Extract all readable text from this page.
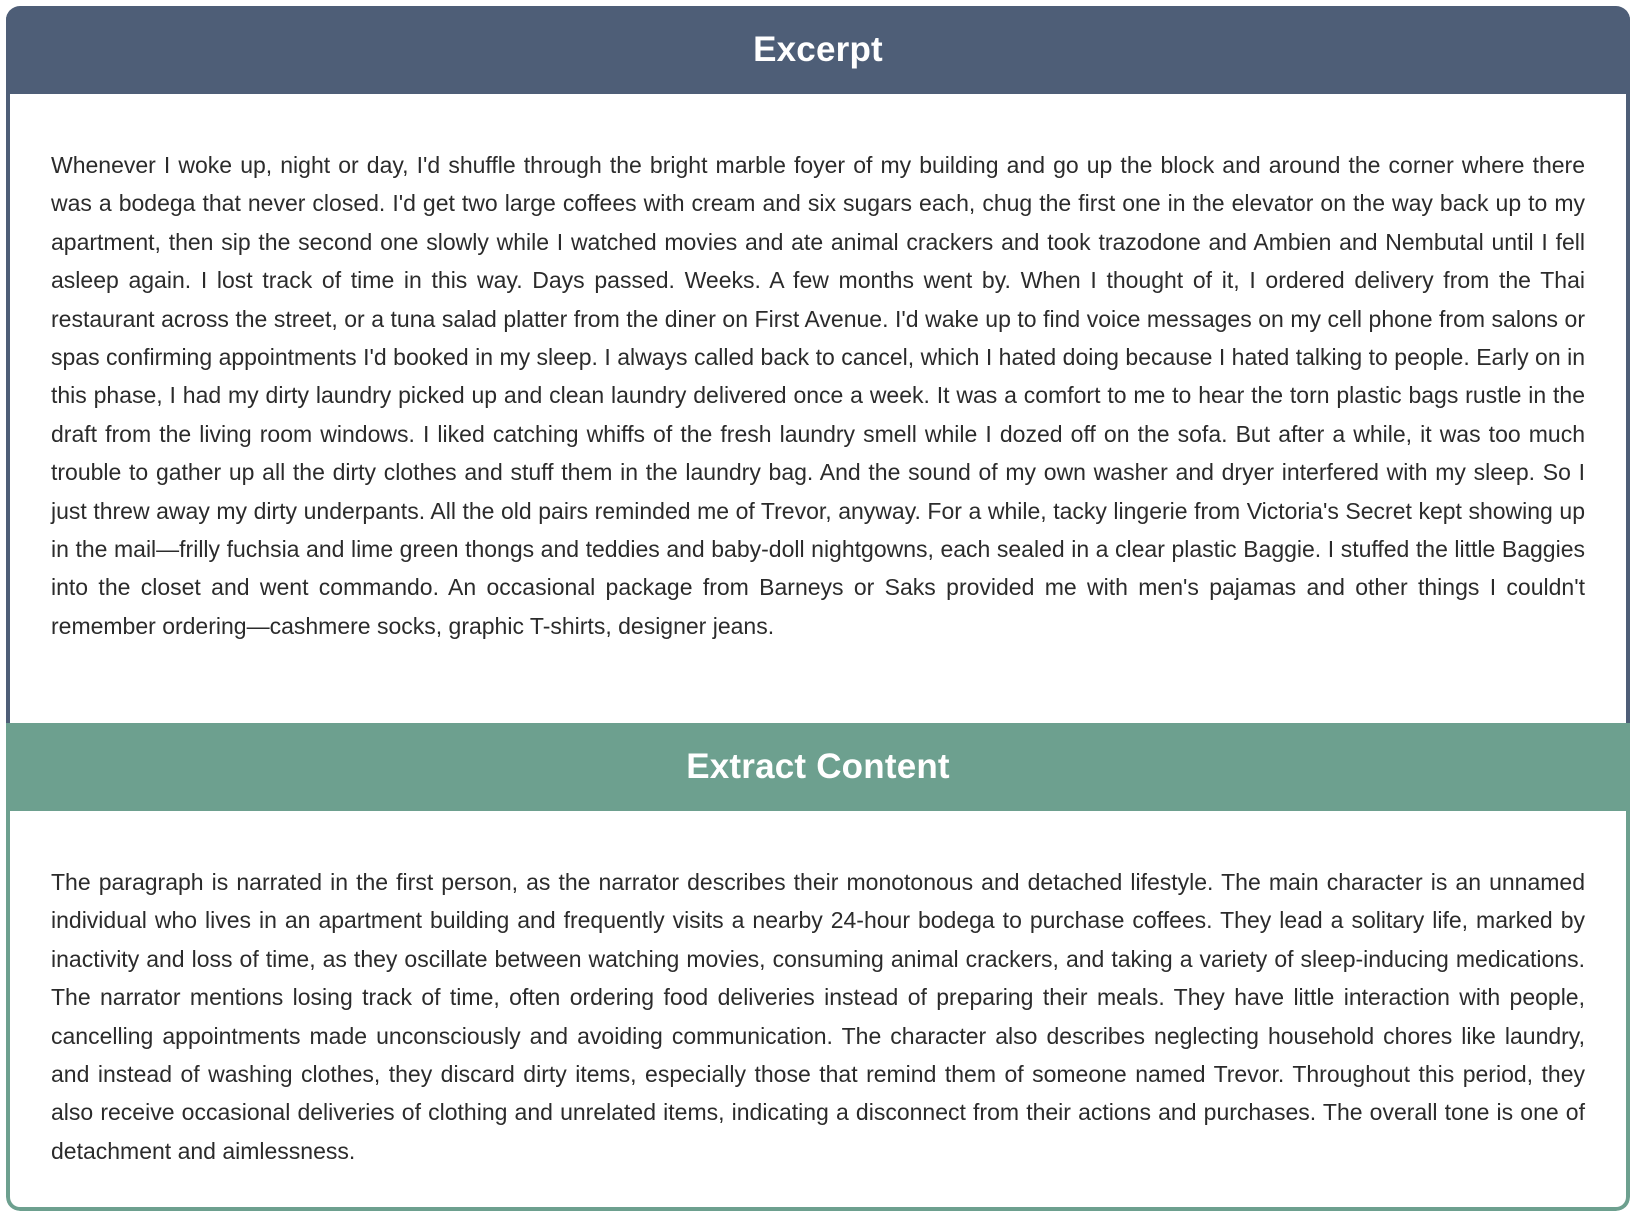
Excerpt

Whenever I woke up, night or day, I'd shuffle through the bright marble foyer of my building and go up the block and around the corner where there was a bodega that never closed. I'd get two large coffees with cream and six sugars each, chug the first one in the elevator on the way back up to my apartment, then sip the second one slowly while I watched movies and ate animal crackers and took trazodone and Ambien and Nembutal until I fell asleep again. I lost track of time in this way. Days passed. Weeks. A few months went by. When I thought of it, I ordered delivery from the Thai restaurant across the street, or a tuna salad platter from the diner on First Avenue. I'd wake up to find voice messages on my cell phone from salons or spas confirming appointments I'd booked in my sleep. I always called back to cancel, which I hated doing because I hated talking to people. Early on in this phase, I had my dirty laundry picked up and clean laundry delivered once a week. It was a comfort to me to hear the torn plastic bags rustle in the draft from the living room windows. I liked catching whiffs of the fresh laundry smell while I dozed off on the sofa. But after a while, it was too much trouble to gather up all the dirty clothes and stuff them in the laundry bag. And the sound of my own washer and dryer interfered with my sleep. So I just threw away my dirty underpants. All the old pairs reminded me of Trevor, anyway. For a while, tacky lingerie from Victoria's Secret kept showing up in the mail—frilly fuchsia and lime green thongs and teddies and baby-doll nightgowns, each sealed in a clear plastic Baggie. I stuffed the little Baggies into the closet and went commando. An occasional package from Barneys or Saks provided me with men's pajamas and other things I couldn't remember ordering—cashmere socks, graphic T-shirts, designer jeans.

Extract Content

The paragraph is narrated in the first person, as the narrator describes their monotonous and detached lifestyle. The main character is an unnamed individual who lives in an apartment building and frequently visits a nearby 24-hour bodega to purchase coffees. They lead a solitary life, marked by inactivity and loss of time, as they oscillate between watching movies, consuming animal crackers, and taking a variety of sleep-inducing medications. The narrator mentions losing track of time, often ordering food deliveries instead of preparing their meals. They have little interaction with people, cancelling appointments made unconsciously and avoiding communication. The character also describes neglecting household chores like laundry, and instead of washing clothes, they discard dirty items, especially those that remind them of someone named Trevor. Throughout this period, they also receive occasional deliveries of clothing and unrelated items, indicating a disconnect from their actions and purchases. The overall tone is one of detachment and aimlessness.
